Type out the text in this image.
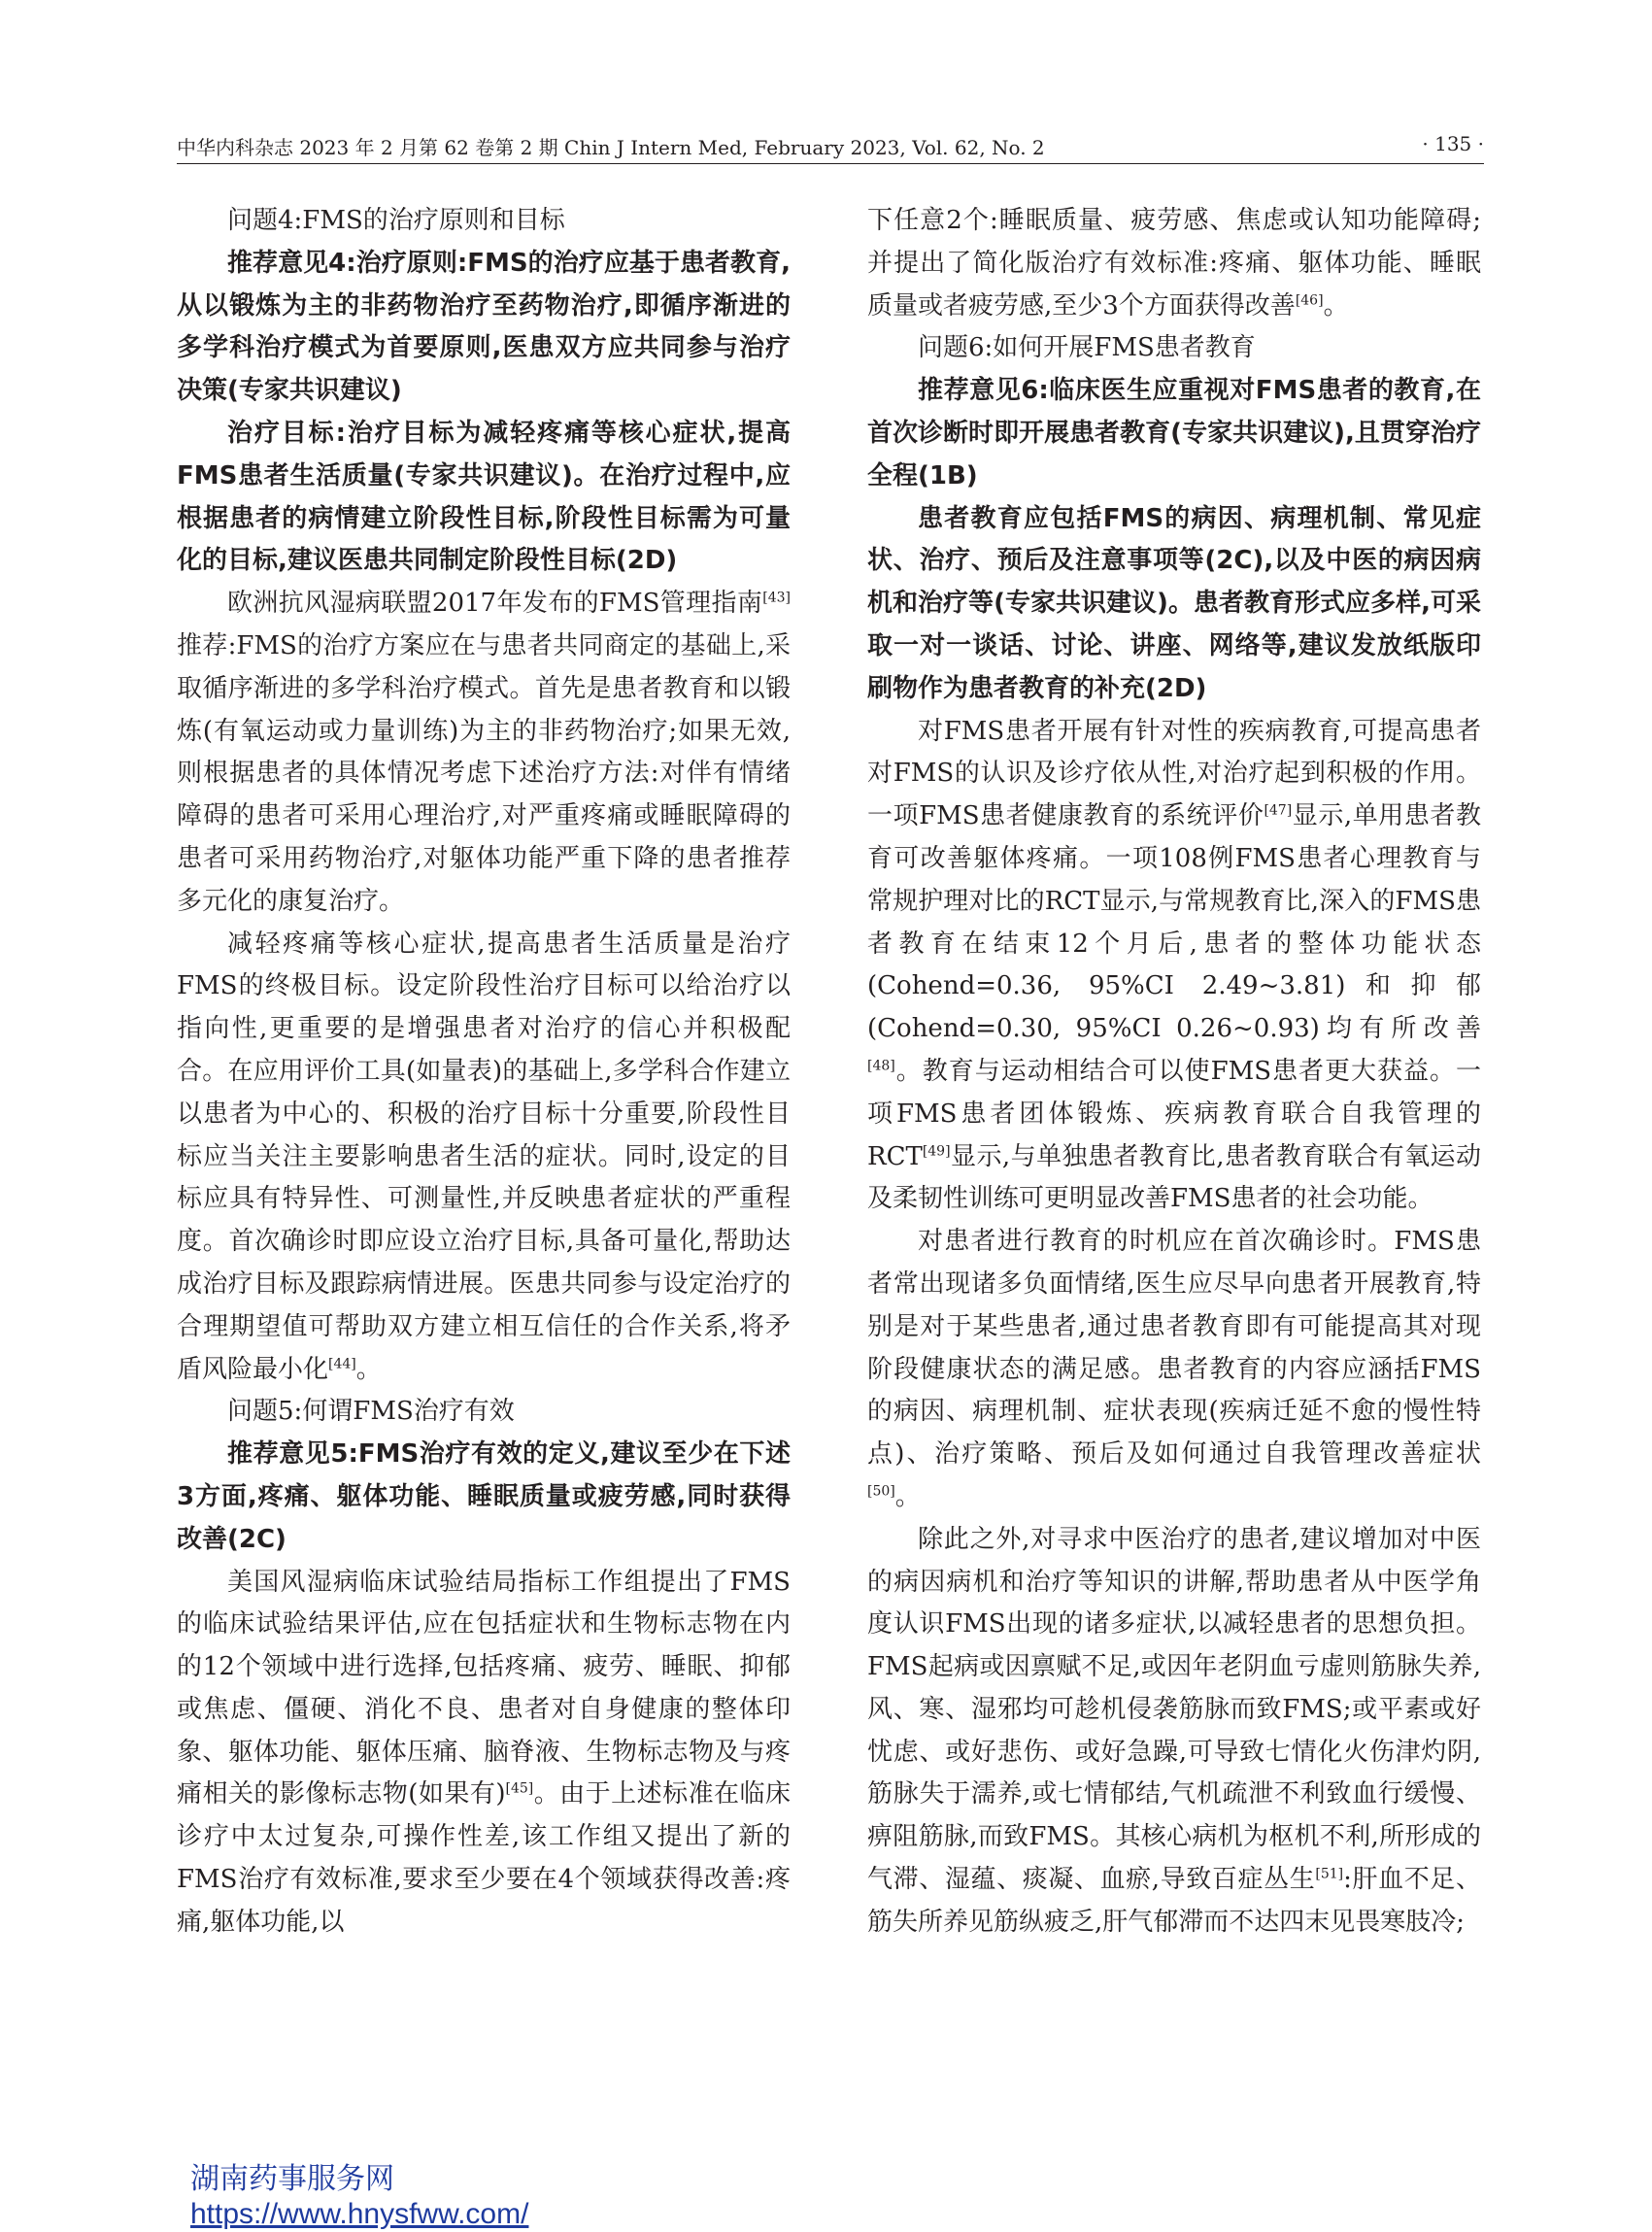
中华内科杂志 2023 年 2 月第 62 卷第 2 期 Chin J Intern Med, February 2023, Vol. 62, No. 2	· 135 ·

问题4:FMS的治疗原则和目标

推荐意见4:治疗原则:FMS的治疗应基于患者教育,从以锻炼为主的非药物治疗至药物治疗,即循序渐进的多学科治疗模式为首要原则,医患双方应共同参与治疗决策(专家共识建议)

治疗目标:治疗目标为减轻疼痛等核心症状,提高FMS患者生活质量(专家共识建议)。在治疗过程中,应根据患者的病情建立阶段性目标,阶段性目标需为可量化的目标,建议医患共同制定阶段性目标(2D)

欧洲抗风湿病联盟2017年发布的FMS管理指南[43]推荐:FMS的治疗方案应在与患者共同商定的基础上,采取循序渐进的多学科治疗模式。首先是患者教育和以锻炼(有氧运动或力量训练)为主的非药物治疗;如果无效,则根据患者的具体情况考虑下述治疗方法:对伴有情绪障碍的患者可采用心理治疗,对严重疼痛或睡眠障碍的患者可采用药物治疗,对躯体功能严重下降的患者推荐多元化的康复治疗。

减轻疼痛等核心症状,提高患者生活质量是治疗FMS的终极目标。设定阶段性治疗目标可以给治疗以指向性,更重要的是增强患者对治疗的信心并积极配合。在应用评价工具(如量表)的基础上,多学科合作建立以患者为中心的、积极的治疗目标十分重要,阶段性目标应当关注主要影响患者生活的症状。同时,设定的目标应具有特异性、可测量性,并反映患者症状的严重程度。首次确诊时即应设立治疗目标,具备可量化,帮助达成治疗目标及跟踪病情进展。医患共同参与设定治疗的合理期望值可帮助双方建立相互信任的合作关系,将矛盾风险最小化[44]。

问题5:何谓FMS治疗有效

推荐意见5:FMS治疗有效的定义,建议至少在下述3方面,疼痛、躯体功能、睡眠质量或疲劳感,同时获得改善(2C)

美国风湿病临床试验结局指标工作组提出了FMS的临床试验结果评估,应在包括症状和生物标志物在内的12个领域中进行选择,包括疼痛、疲劳、睡眠、抑郁或焦虑、僵硬、消化不良、患者对自身健康的整体印象、躯体功能、躯体压痛、脑脊液、生物标志物及与疼痛相关的影像标志物(如果有)[45]。由于上述标准在临床诊疗中太过复杂,可操作性差,该工作组又提出了新的FMS治疗有效标准,要求至少要在4个领域获得改善:疼痛,躯体功能,以

下任意2个:睡眠质量、疲劳感、焦虑或认知功能障碍;并提出了简化版治疗有效标准:疼痛、躯体功能、睡眠质量或者疲劳感,至少3个方面获得改善[46]。

问题6:如何开展FMS患者教育

推荐意见6:临床医生应重视对FMS患者的教育,在首次诊断时即开展患者教育(专家共识建议),且贯穿治疗全程(1B)

患者教育应包括FMS的病因、病理机制、常见症状、治疗、预后及注意事项等(2C),以及中医的病因病机和治疗等(专家共识建议)。患者教育形式应多样,可采取一对一谈话、讨论、讲座、网络等,建议发放纸版印刷物作为患者教育的补充(2D)

对FMS患者开展有针对性的疾病教育,可提高患者对FMS的认识及诊疗依从性,对治疗起到积极的作用。一项FMS患者健康教育的系统评价[47]显示,单用患者教育可改善躯体疼痛。一项108例FMS患者心理教育与常规护理对比的RCT显示,与常规教育比,深入的FMS患者教育在结束12个月后,患者的整体功能状态(Cohend=0.36, 95%CI 2.49~3.81)和抑郁(Cohend=0.30, 95%CI 0.26~0.93)均有所改善[48]。教育与运动相结合可以使FMS患者更大获益。一项FMS患者团体锻炼、疾病教育联合自我管理的RCT[49]显示,与单独患者教育比,患者教育联合有氧运动及柔韧性训练可更明显改善FMS患者的社会功能。

对患者进行教育的时机应在首次确诊时。FMS患者常出现诸多负面情绪,医生应尽早向患者开展教育,特别是对于某些患者,通过患者教育即有可能提高其对现阶段健康状态的满足感。患者教育的内容应涵括FMS的病因、病理机制、症状表现(疾病迁延不愈的慢性特点)、治疗策略、预后及如何通过自我管理改善症状[50]。

除此之外,对寻求中医治疗的患者,建议增加对中医的病因病机和治疗等知识的讲解,帮助患者从中医学角度认识FMS出现的诸多症状,以减轻患者的思想负担。FMS起病或因禀赋不足,或因年老阴血亏虚则筋脉失养,风、寒、湿邪均可趁机侵袭筋脉而致FMS;或平素或好忧虑、或好悲伤、或好急躁,可导致七情化火伤津灼阴,筋脉失于濡养,或七情郁结,气机疏泄不利致血行缓慢、痹阻筋脉,而致FMS。其核心病机为枢机不利,所形成的气滞、湿蕴、痰凝、血瘀,导致百症丛生[51]:肝血不足、筋失所养见筋纵疲乏,肝气郁滞而不达四末见畏寒肢冷;

湖南药事服务网
https://www.hnysfww.com/
